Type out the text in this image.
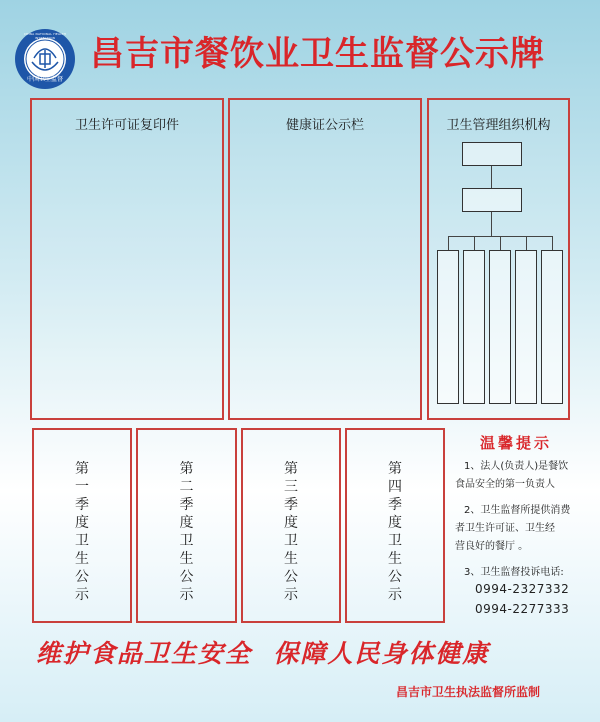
CHINA NATIONAL HEALTH INSPECTION
中国卫生监督
昌吉市餐饮业卫生监督公示牌
卫生许可证复印件	健康证公示栏	卫生管理组织机构
第
一
季
度
卫
生
公
示
第
二
季
度
卫
生
公
示
第
三
季
度
卫
生
公
示
第
四
季
度
卫
生
公
示
温馨提示
1、法人(负责人)是餐饮
食品安全的第一负责人
2、卫生监督所提供消费
者卫生许可证、卫生经
营良好的餐厅 。
3、卫生监督投诉电话:
0994-2327332
0994-2277333
维护食品卫生安全  保障人民身体健康
昌吉市卫生执法监督所监制
